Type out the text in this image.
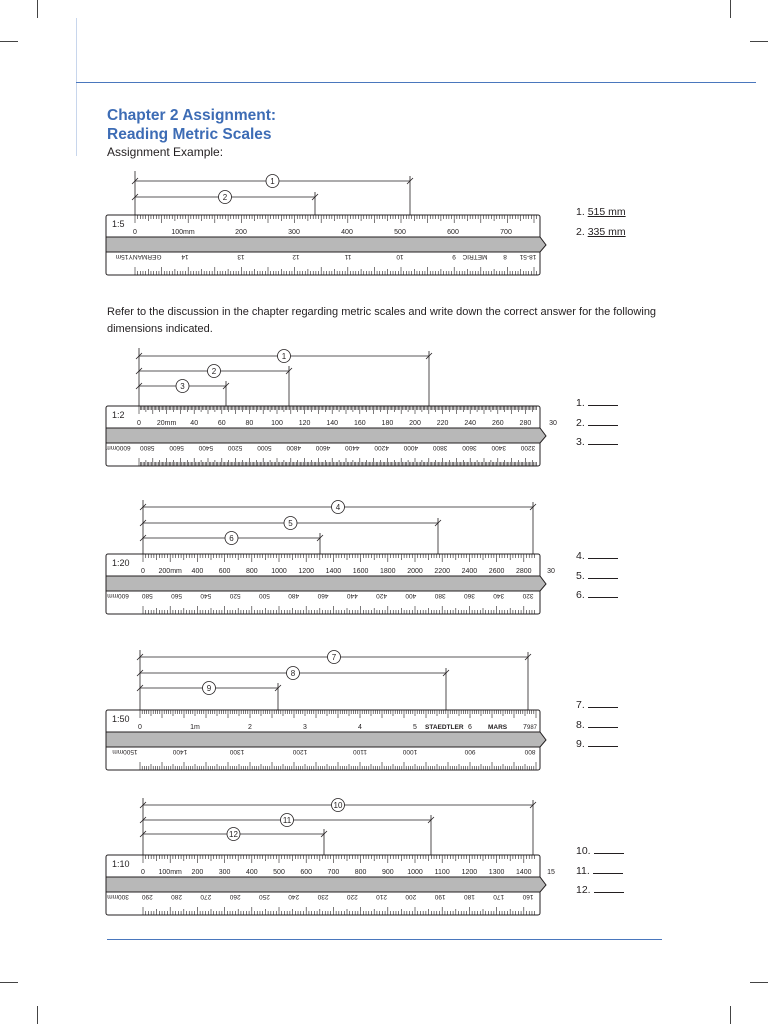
Chapter 2 Assignment:
Reading Metric Scales
Assignment Example:
Refer to the discussion in the chapter regarding metric scales and write down the correct answer for the following dimensions indicated.
1. 515 mm
2. 335 mm
1.
2.
3.
4.
5.
6.
7.
8.
9.
10.
11.
12.
1:5
0	100mm	200	300	400	500	600	700
15m GERMANY	14	13	12	11	10	9 METRIC 8 18-51
1
2
1:2
0 20mm 40	60	80	100 120 140 160 180 200 220 240 260 280	30
6000mm 5800 5600 5400 5200 5000 4800 4600 4400 4200 4000 3800 3600 3400 3200
1
2
3
1:20
0 200mm 400 600 800 1000 1200 1400 1600 1800 2000 2200 2400 2600 2800 30
600mm 580	560	540	520	500	480	460	440	420	400	380	360	340	320
4
5
6
1:50
0	1m	2	3	4	5	6	7
STAEDTLER	MARS	987
1500mm	1400	1300	1200	1100	1000	900	800
7
8
9
1:10
0 100mm 200 300 400 500 600 700 800 900 1000 1100 1200 1300 1400 15
300mm 290	280	270	260	250	240	230	220	210	200	190	180	170	160
10
11
12
